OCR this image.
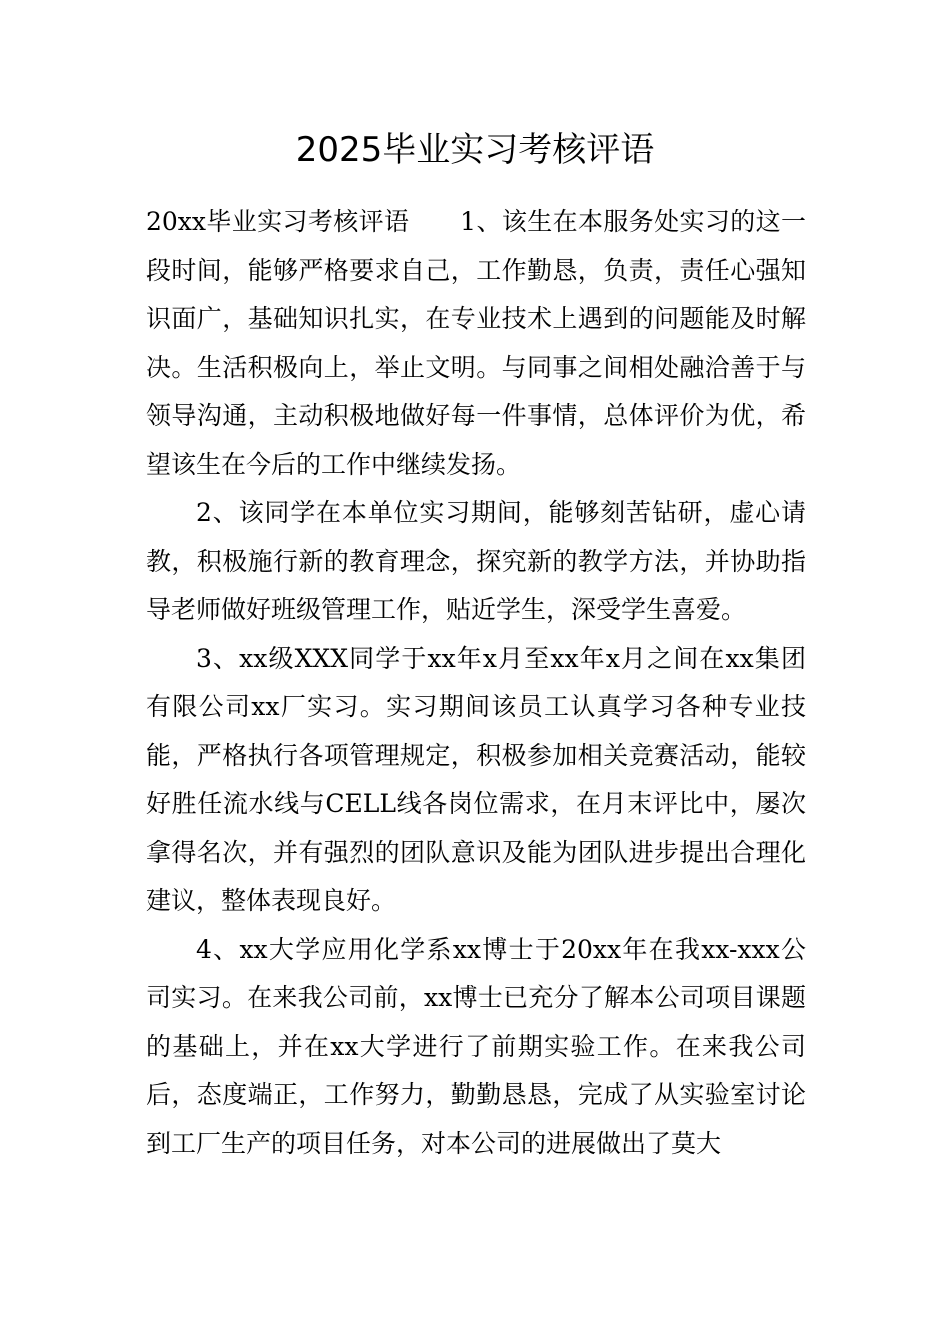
2025毕业实习考核评语

20xx毕业实习考核评语　　1、该生在本服务处实习的这一段时间，能够严格要求自己，工作勤恳，负责，责任心强知识面广，基础知识扎实，在专业技术上遇到的问题能及时解决。生活积极向上，举止文明。与同事之间相处融洽善于与领导沟通，主动积极地做好每一件事情，总体评价为优，希望该生在今后的工作中继续发扬。

2、该同学在本单位实习期间，能够刻苦钻研，虚心请教，积极施行新的教育理念，探究新的教学方法，并协助指导老师做好班级管理工作，贴近学生，深受学生喜爱。

3、xx级XXX同学于xx年x月至xx年x月之间在xx集团有限公司xx厂实习。实习期间该员工认真学习各种专业技能，严格执行各项管理规定，积极参加相关竞赛活动，能较好胜任流水线与CELL线各岗位需求，在月末评比中，屡次拿得名次，并有强烈的团队意识及能为团队进步提出合理化建议，整体表现良好。

4、xx大学应用化学系xx博士于20xx年在我xx-xxx公司实习。在来我公司前，xx博士已充分了解本公司项目课题的基础上，并在xx大学进行了前期实验工作。在来我公司后，态度端正，工作努力，勤勤恳恳，完成了从实验室讨论到工厂生产的项目任务，对本公司的进展做出了莫大
